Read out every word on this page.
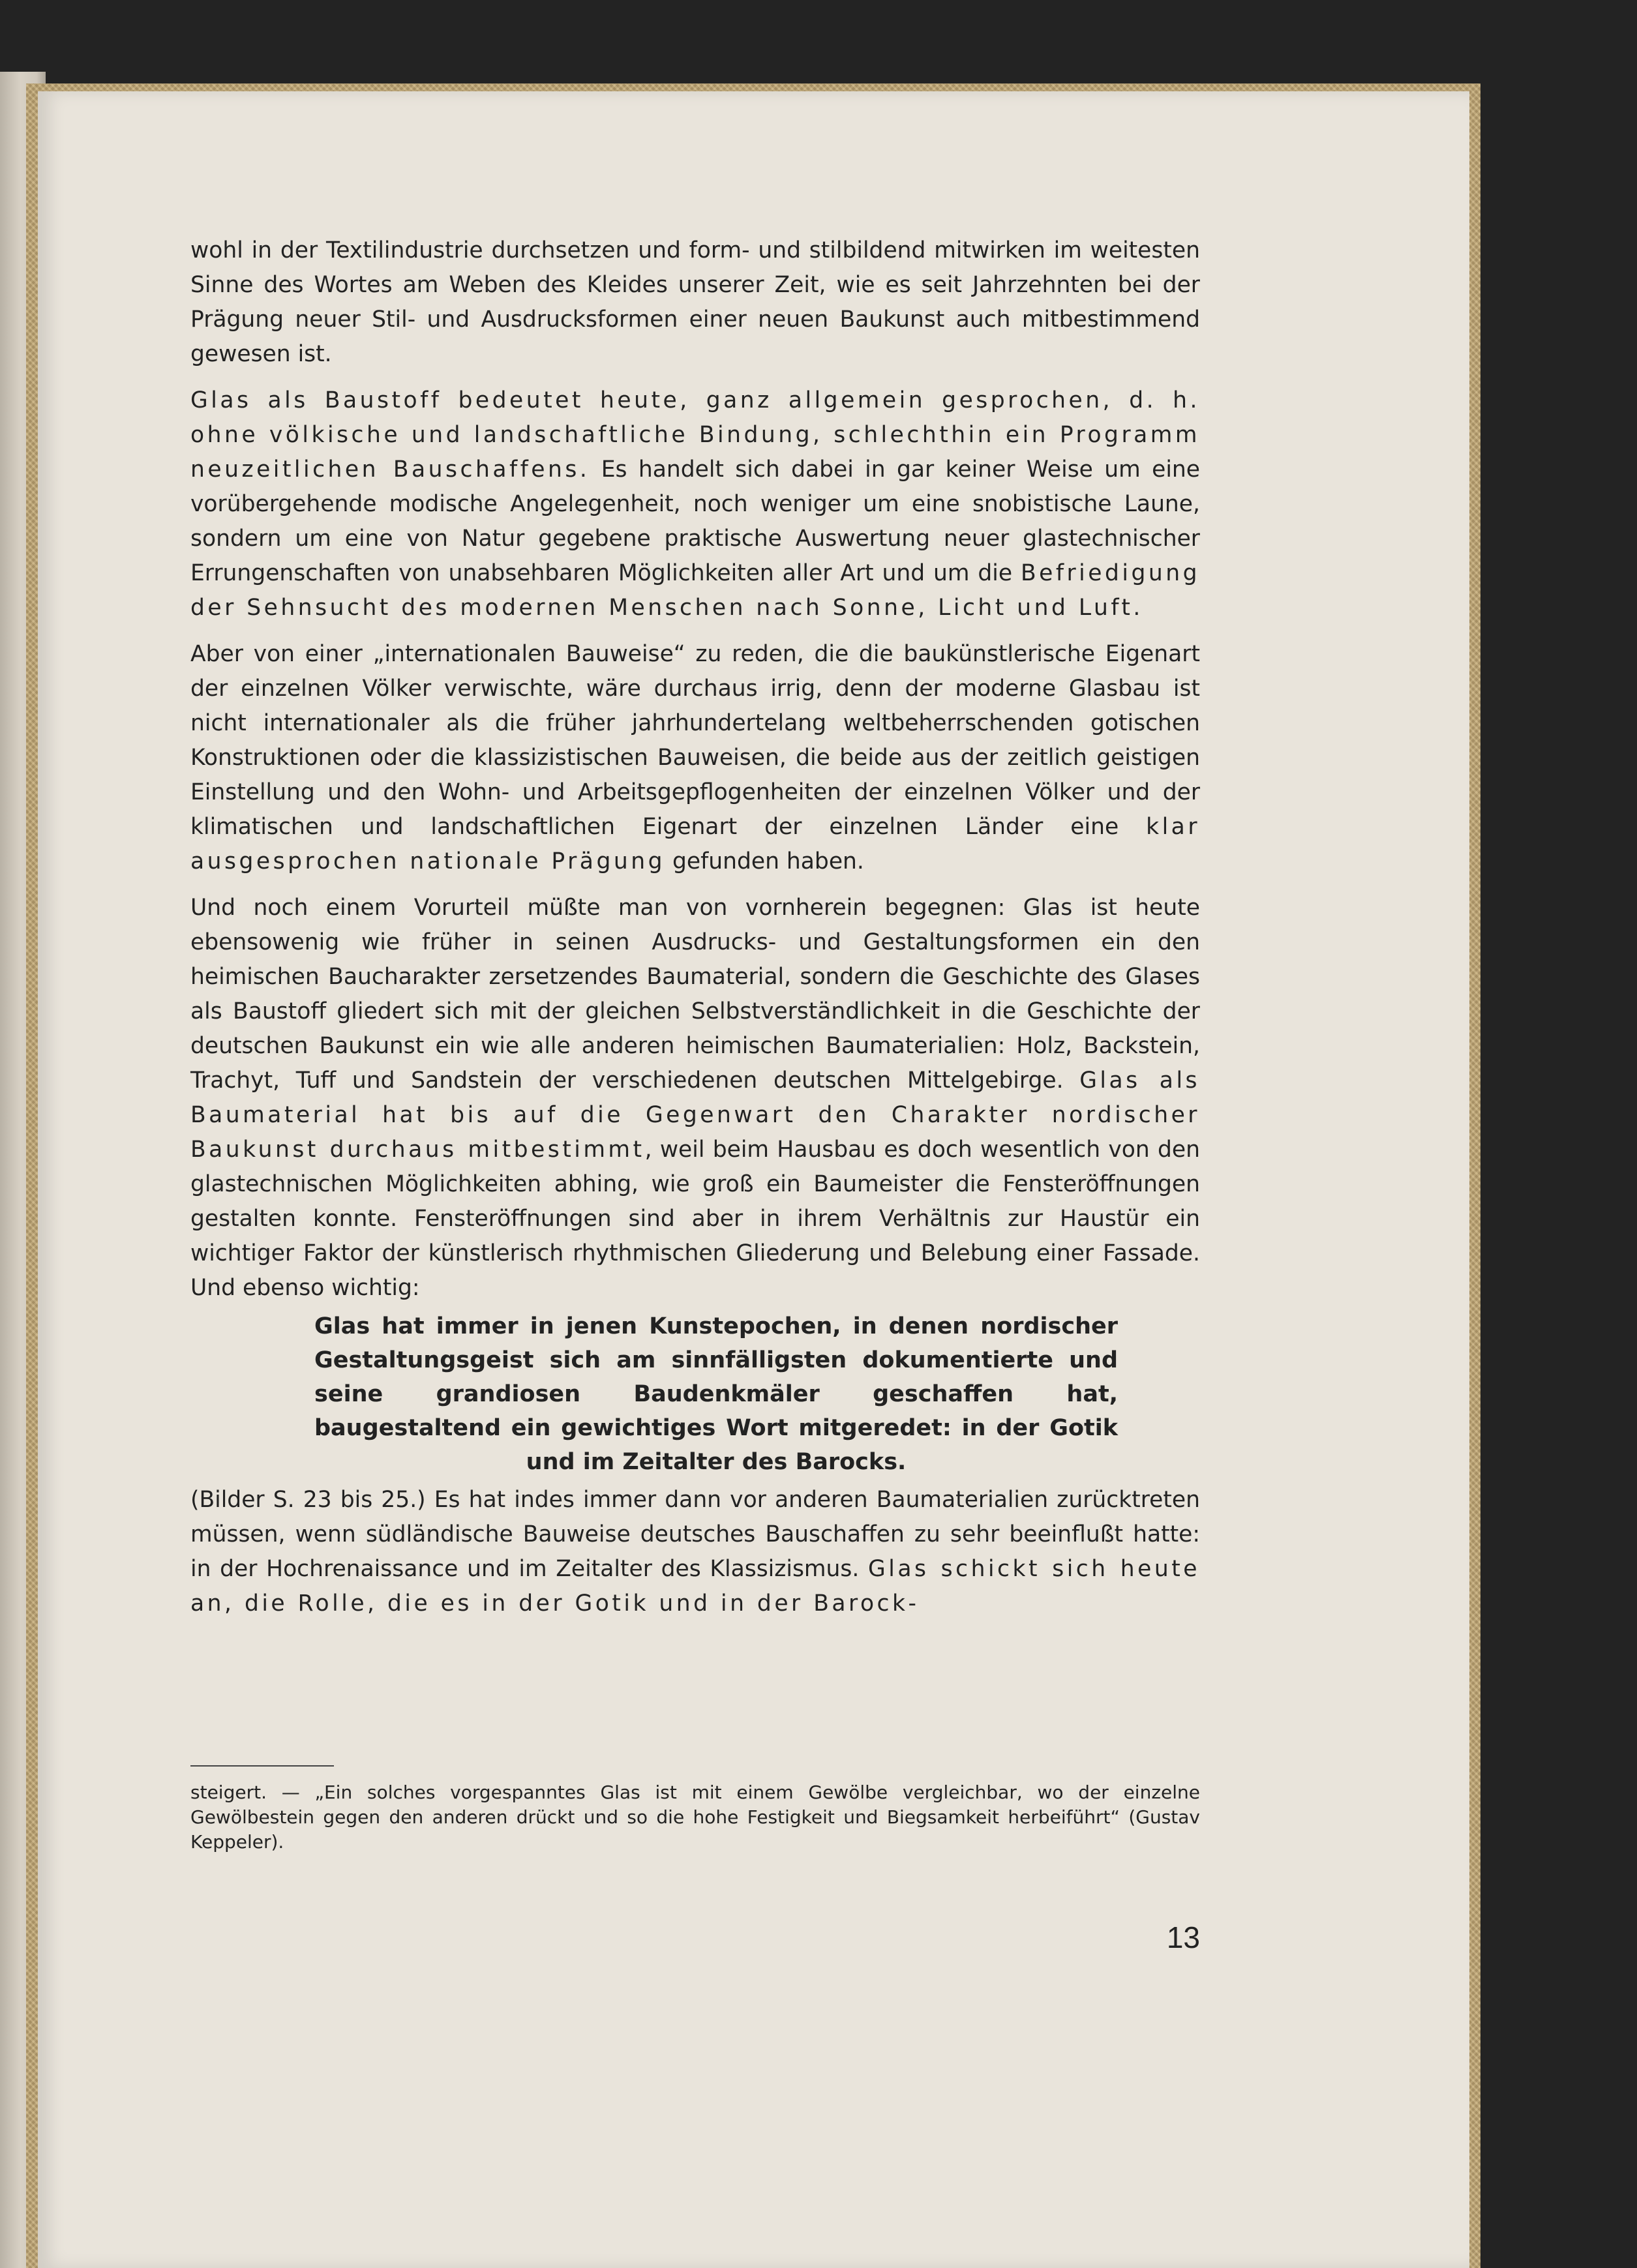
wohl in der Textilindustrie durchsetzen und form- und stilbildend mitwirken im weitesten Sinne des Wortes am Weben des Kleides unserer Zeit, wie es seit Jahrzehnten bei der Prägung neuer Stil- und Ausdrucksformen einer neuen Baukunst auch mitbestimmend gewesen ist.

Glas als Baustoff bedeutet heute, ganz allgemein gesprochen, d. h. ohne völkische und landschaftliche Bindung, schlechthin ein Programm neuzeitlichen Bauschaffens. Es handelt sich dabei in gar keiner Weise um eine vorübergehende modische Angelegenheit, noch weniger um eine snobistische Laune, sondern um eine von Natur gegebene praktische Auswertung neuer glastechnischer Errungenschaften von unabsehbaren Möglichkeiten aller Art und um die Befriedigung der Sehnsucht des modernen Menschen nach Sonne, Licht und Luft.

Aber von einer „internationalen Bauweise“ zu reden, die die baukünstlerische Eigenart der einzelnen Völker verwischte, wäre durchaus irrig, denn der moderne Glasbau ist nicht internationaler als die früher jahrhundertelang weltbeherrschenden gotischen Konstruktionen oder die klassizistischen Bauweisen, die beide aus der zeitlich geistigen Einstellung und den Wohn- und Arbeitsgepflogenheiten der einzelnen Völker und der klimatischen und landschaftlichen Eigenart der einzelnen Länder eine klar ausgesprochen nationale Prägung gefunden haben.

Und noch einem Vorurteil müßte man von vornherein begegnen: Glas ist heute ebensowenig wie früher in seinen Ausdrucks- und Gestaltungsformen ein den heimischen Baucharakter zersetzendes Baumaterial, sondern die Geschichte des Glases als Baustoff gliedert sich mit der gleichen Selbstverständlichkeit in die Geschichte der deutschen Baukunst ein wie alle anderen heimischen Baumaterialien: Holz, Backstein, Trachyt, Tuff und Sandstein der verschiedenen deutschen Mittelgebirge. Glas als Baumaterial hat bis auf die Gegenwart den Charakter nordischer Baukunst durchaus mitbestimmt, weil beim Hausbau es doch wesentlich von den glastechnischen Möglichkeiten abhing, wie groß ein Baumeister die Fensteröffnungen gestalten konnte. Fensteröffnungen sind aber in ihrem Verhältnis zur Haustür ein wichtiger Faktor der künstlerisch rhythmischen Gliederung und Belebung einer Fassade. Und ebenso wichtig:

Glas hat immer in jenen Kunstepochen, in denen nordischer Gestaltungsgeist sich am sinnfälligsten dokumentierte und seine grandiosen Baudenkmäler geschaffen hat, baugestaltend ein gewichtiges Wort mitgeredet: in der Gotik und im Zeitalter des Barocks.

(Bilder S. 23 bis 25.) Es hat indes immer dann vor anderen Baumaterialien zurücktreten müssen, wenn südländische Bauweise deutsches Bauschaffen zu sehr beeinflußt hatte: in der Hochrenaissance und im Zeitalter des Klassizismus. Glas schickt sich heute an, die Rolle, die es in der Gotik und in der Barock-

steigert. — „Ein solches vorgespanntes Glas ist mit einem Gewölbe vergleichbar, wo der einzelne Gewölbestein gegen den anderen drückt und so die hohe Festigkeit und Biegsamkeit herbeiführt“ (Gustav Keppeler).

13
